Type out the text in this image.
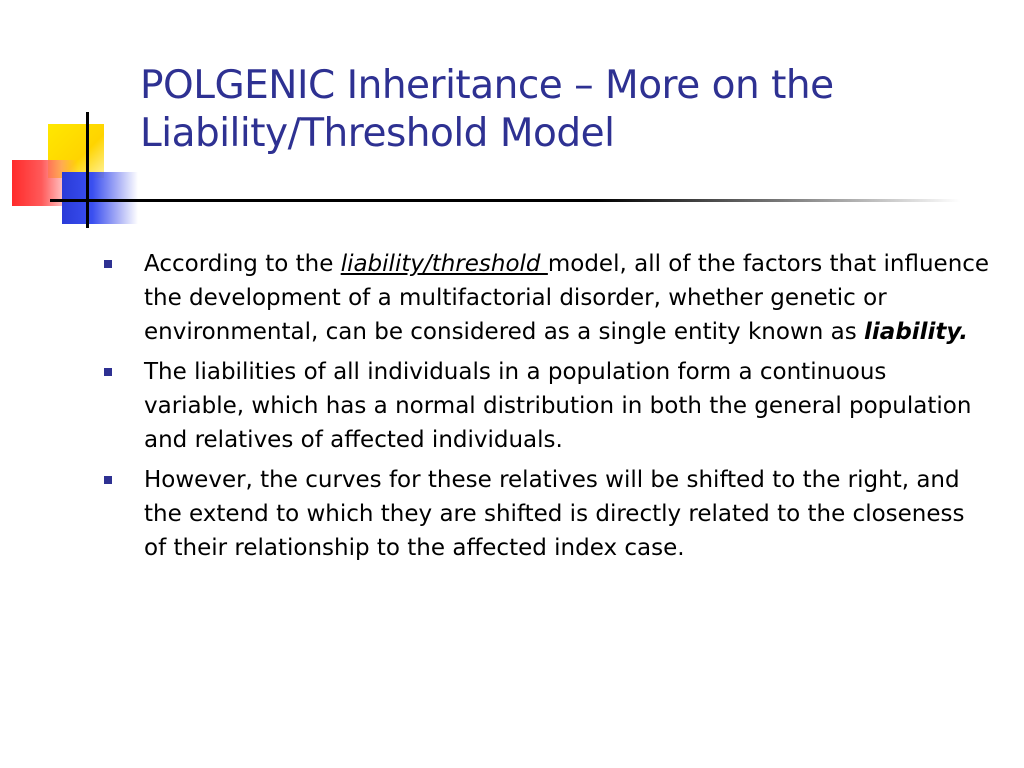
POLGENIC Inheritance – More on the
Liability/Threshold Model
According to the liability/threshold model, all of the factors that influence the development of a multifactorial disorder, whether genetic or environmental, can be considered as a single entity known as liability.
The liabilities of all individuals in a population form a continuous variable, which has a normal distribution in both the general population and relatives of affected individuals.
However, the curves for these relatives will be shifted to the right, and the extend to which they are shifted is directly related to the closeness of their relationship to the affected index case.
